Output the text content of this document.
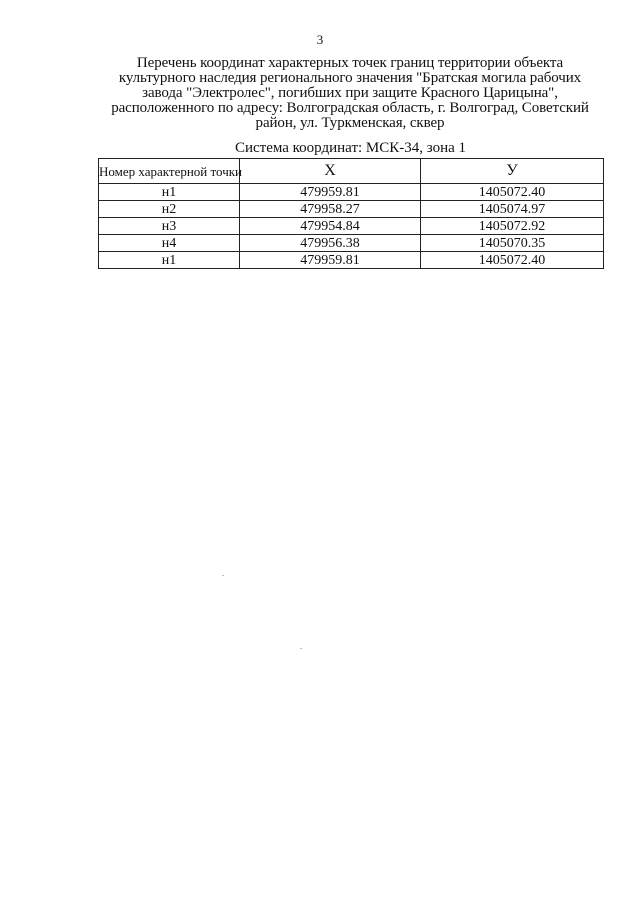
3
Перечень координат характерных точек границ территории объекта
культурного наследия регионального значения "Братская могила рабочих
завода "Электролес", погибших при защите Красного Царицына",
расположенного по адресу: Волгоградская область, г. Волгоград, Советский
район, ул. Туркменская, сквер
Система координат: МСК-34, зона 1
Номер характерной точки	X	У
н1	479959.81	1405072.40
н2	479958.27	1405074.97
н3	479954.84	1405072.92
н4	479956.38	1405070.35
н1	479959.81	1405072.40
